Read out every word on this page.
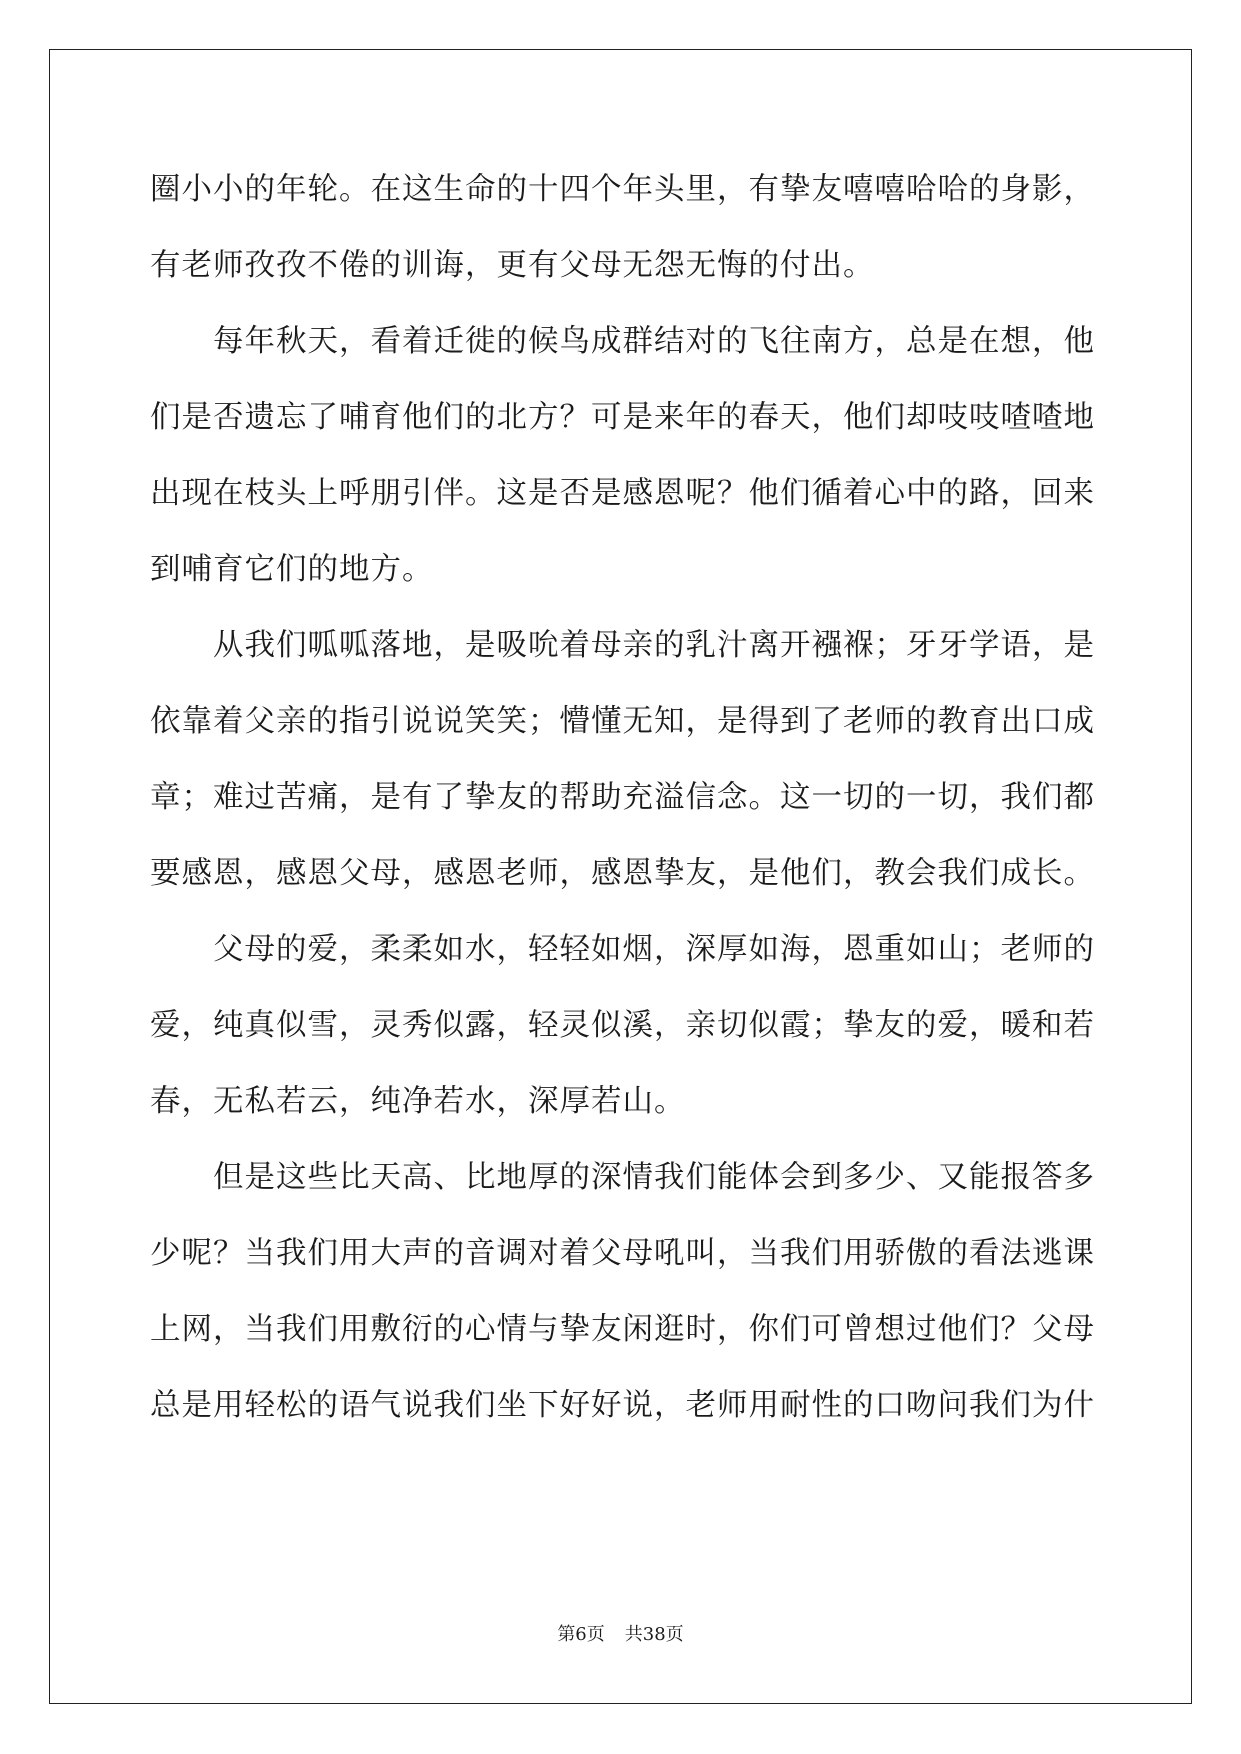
圈小小的年轮。在这生命的十四个年头里，有挚友嘻嘻哈哈的身影，
有老师孜孜不倦的训诲，更有父母无怨无悔的付出。
每年秋天，看着迁徙的候鸟成群结对的飞往南方，总是在想，他
们是否遗忘了哺育他们的北方？可是来年的春天，他们却吱吱喳喳地
出现在枝头上呼朋引伴。这是否是感恩呢？他们循着心中的路，回来
到哺育它们的地方。
从我们呱呱落地，是吸吮着母亲的乳汁离开襁褓；牙牙学语，是
依靠着父亲的指引说说笑笑；懵懂无知，是得到了老师的教育出口成
章；难过苦痛，是有了挚友的帮助充溢信念。这一切的一切，我们都
要感恩，感恩父母，感恩老师，感恩挚友，是他们，教会我们成长。
父母的爱，柔柔如水，轻轻如烟，深厚如海，恩重如山；老师的
爱，纯真似雪，灵秀似露，轻灵似溪，亲切似霞；挚友的爱，暖和若
春，无私若云，纯净若水，深厚若山。
但是这些比天高、比地厚的深情我们能体会到多少、又能报答多
少呢？当我们用大声的音调对着父母吼叫，当我们用骄傲的看法逃课
上网，当我们用敷衍的心情与挚友闲逛时，你们可曾想过他们？父母
总是用轻松的语气说我们坐下好好说，老师用耐性的口吻问我们为什
第6页 共38页
